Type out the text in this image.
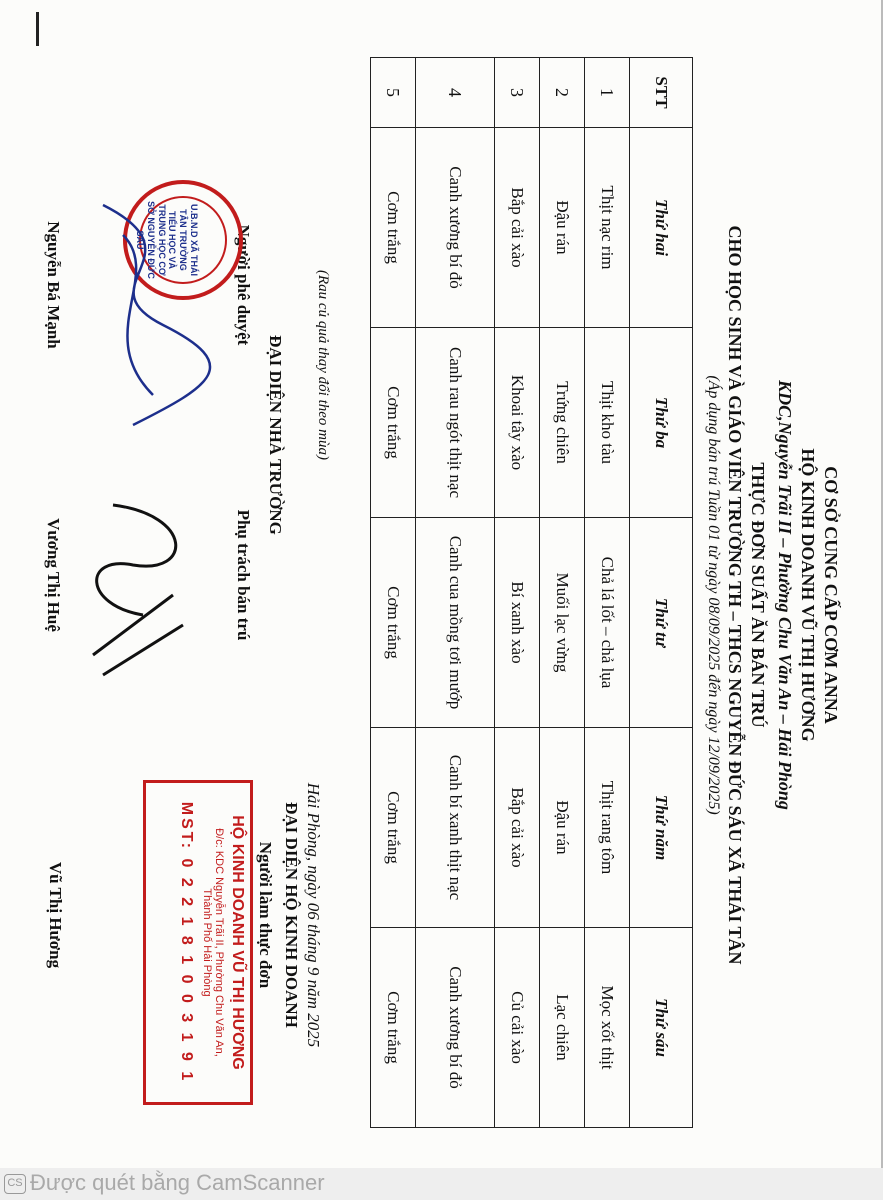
CƠ SỞ CUNG CẤP CƠM ANNA
HỘ KINH DOANH VŨ THỊ HƯƠNG
KDC,Nguyễn Trãi II – Phường Chu Văn An – Hải Phòng
THỰC ĐƠN SUẤT ĂN BÁN TRÚ
CHO HỌC SINH VÀ GIÁO VIÊN TRƯỜNG TH – THCS NGUYỄN ĐỨC SÁU XÃ THÁI TÂN
(Áp dụng bán trú Tuần 01 từ ngày 08/09/2025 đến ngày 12/09/2025)
STT	Thứ hai	Thứ ba	Thứ tư	Thứ năm	Thứ sáu
1	Thịt nạc rim	Thịt kho tàu	Chả lá lốt – chả lụa	Thịt rang tôm	Mọc xốt thịt
2	Đậu rán	Trứng chiên	Muối lạc vừng	Đậu rán	Lạc chiên
3	Bắp cải xào	Khoai tây xào	Bí xanh xào	Bắp cải xào	Củ cải xào
4	Canh xương bí đỏ	Canh rau ngót thịt nạc	Canh cua mồng tơi mướp	Canh bí xanh thịt nạc	Canh xương bí đỏ
5	Cơm trắng	Cơm trắng	Cơm trắng	Cơm trắng	Cơm trắng
(Rau củ quả thay đổi theo mùa)
ĐẠI DIỆN NHÀ TRƯỜNG
Người phê duyệt
U.B.N.D XÃ THÁI TÂN TRƯỜNG TIỂU HỌC VÀ TRUNG HỌC CƠ SỞ NGUYỄN ĐỨC SÁU
Nguyễn Bá Mạnh
Phụ trách bán trú
Vương Thị Huệ
Hải Phòng, ngày 06 tháng 9 năm 2025
ĐẠI DIỆN HỘ KINH DOANH
Người làm thực đơn
HỘ KINH DOANH VŨ THỊ HƯƠNG
Đ/c: KDC Nguyễn Trãi II, Phường Chu Văn An,
Thành Phố Hải Phòng
MST: 0 2 2 1 8 1 0 0 3 1 9 1
Vũ Thị Hương
CS Được quét bằng CamScanner
